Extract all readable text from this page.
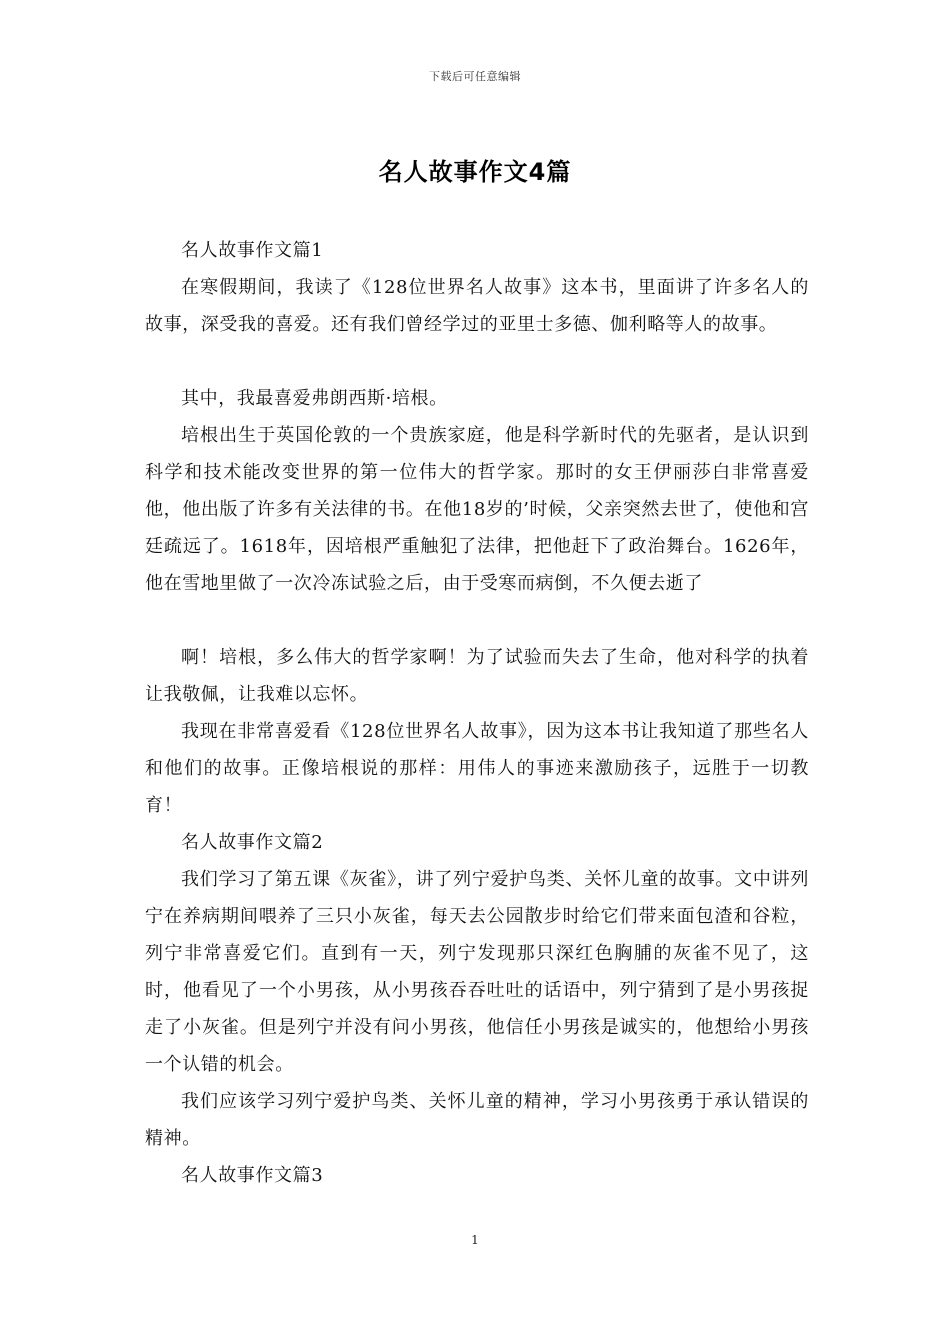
下载后可任意编辑
名人故事作文4篇

名人故事作文篇1

在寒假期间，我读了《128位世界名人故事》这本书，里面讲了许多名人的故事，深受我的喜爱。还有我们曾经学过的亚里士多德、伽利略等人的故事。

其中，我最喜爱弗朗西斯·培根。

培根出生于英国伦敦的一个贵族家庭，他是科学新时代的先驱者，是认识到科学和技术能改变世界的第一位伟大的哲学家。那时的女王伊丽莎白非常喜爱他，他出版了许多有关法律的书。在他18岁的’时候，父亲突然去世了，使他和宫廷疏远了。1618年，因培根严重触犯了法律，把他赶下了政治舞台。1626年，他在雪地里做了一次冷冻试验之后，由于受寒而病倒，不久便去逝了

啊！培根，多么伟大的哲学家啊！为了试验而失去了生命，他对科学的执着让我敬佩，让我难以忘怀。

我现在非常喜爱看《128位世界名人故事》，因为这本书让我知道了那些名人和他们的故事。正像培根说的那样：用伟人的事迹来激励孩子，远胜于一切教育！

名人故事作文篇2

我们学习了第五课《灰雀》，讲了列宁爱护鸟类、关怀儿童的故事。文中讲列宁在养病期间喂养了三只小灰雀，每天去公园散步时给它们带来面包渣和谷粒，列宁非常喜爱它们。直到有一天，列宁发现那只深红色胸脯的灰雀不见了，这时，他看见了一个小男孩，从小男孩吞吞吐吐的话语中，列宁猜到了是小男孩捉走了小灰雀。但是列宁并没有问小男孩，他信任小男孩是诚实的，他想给小男孩一个认错的机会。

我们应该学习列宁爱护鸟类、关怀儿童的精神，学习小男孩勇于承认错误的精神。

名人故事作文篇3

1
